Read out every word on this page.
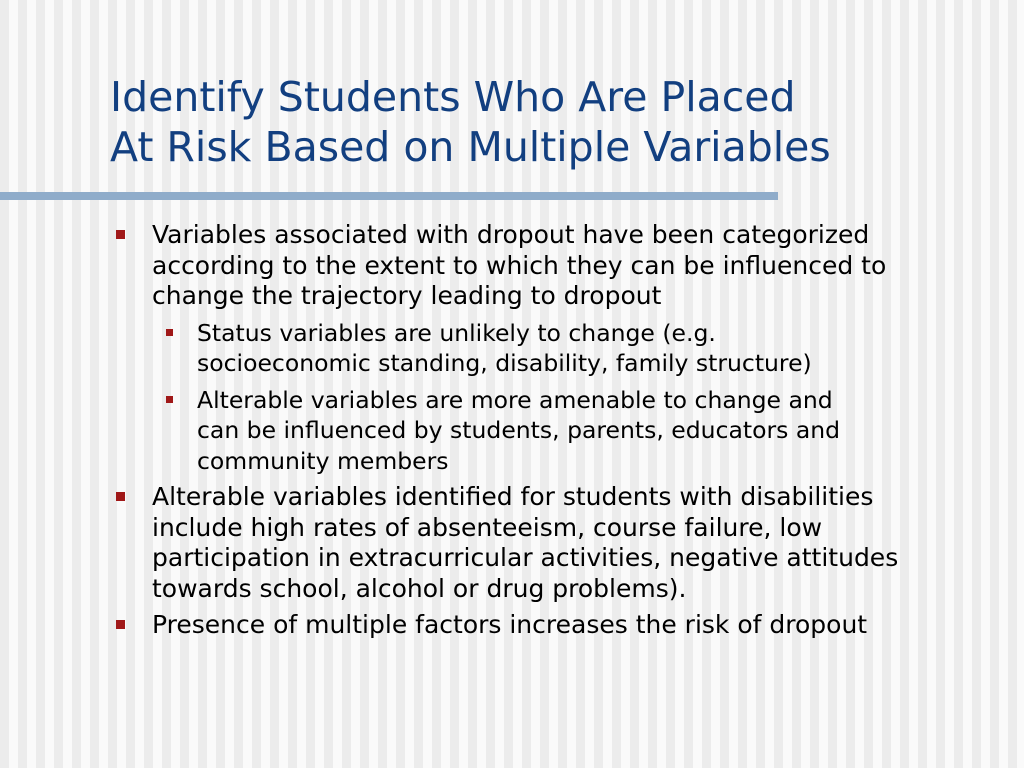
Identify Students Who Are Placed
At Risk Based on Multiple Variables
Variables associated with dropout have been categorized
according to the extent to which they can be influenced to
change the trajectory leading to dropout
Status variables are unlikely to change (e.g.
socioeconomic standing, disability, family structure)
Alterable variables are more amenable to change and
can be influenced by students, parents, educators and
community members
Alterable variables identified for students with disabilities
include high rates of absenteeism, course failure, low
participation in extracurricular activities, negative attitudes
towards school, alcohol or drug problems).
Presence of multiple factors increases the risk of dropout
